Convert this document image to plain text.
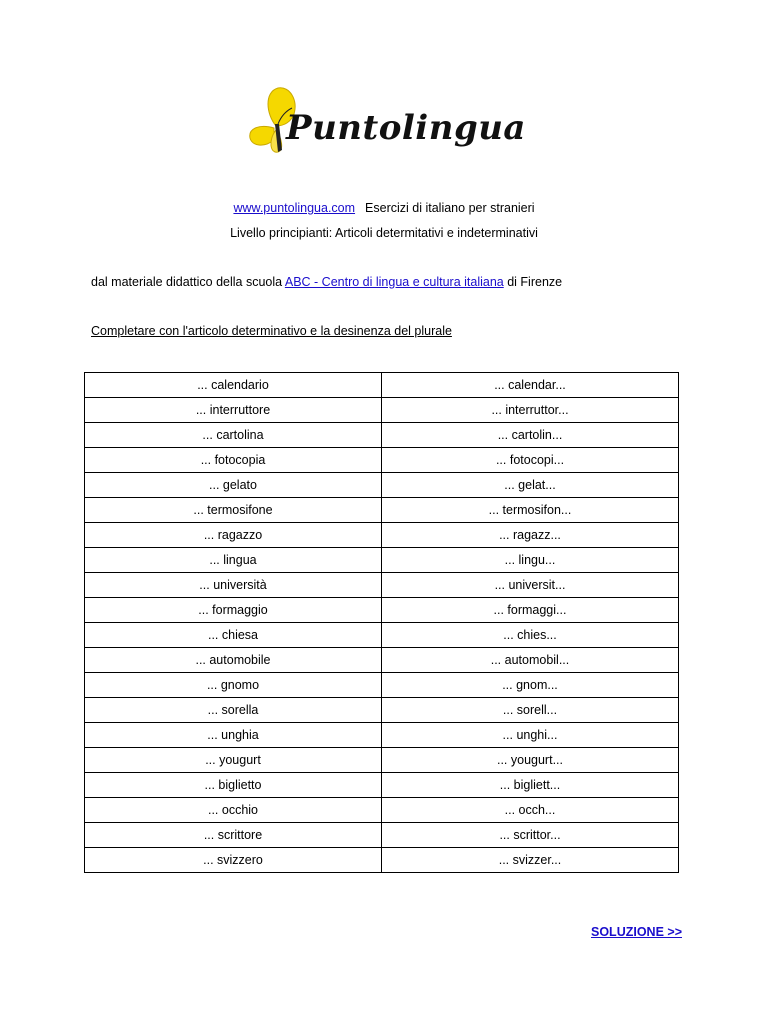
Puntolingua
www.puntolingua.com Esercizi di italiano per stranieri
Livello principianti: Articoli determitativi e indeterminativi
dal materiale didattico della scuola ABC - Centro di lingua e cultura italiana di Firenze
Completare con l'articolo determinativo e la desinenza del plurale
... calendario	... calendar...
... interruttore	... interruttor...
... cartolina	... cartolin...
... fotocopia	... fotocopi...
... gelato	... gelat...
... termosifone	... termosifon...
... ragazzo	... ragazz...
... lingua	... lingu...
... università	... universit...
... formaggio	... formaggi...
... chiesa	... chies...
... automobile	... automobil...
... gnomo	... gnom...
... sorella	... sorell...
... unghia	... unghi...
... yougurt	... yougurt...
... biglietto	... bigliett...
... occhio	... occh...
... scrittore	... scrittor...
... svizzero	... svizzer...
SOLUZIONE >>
